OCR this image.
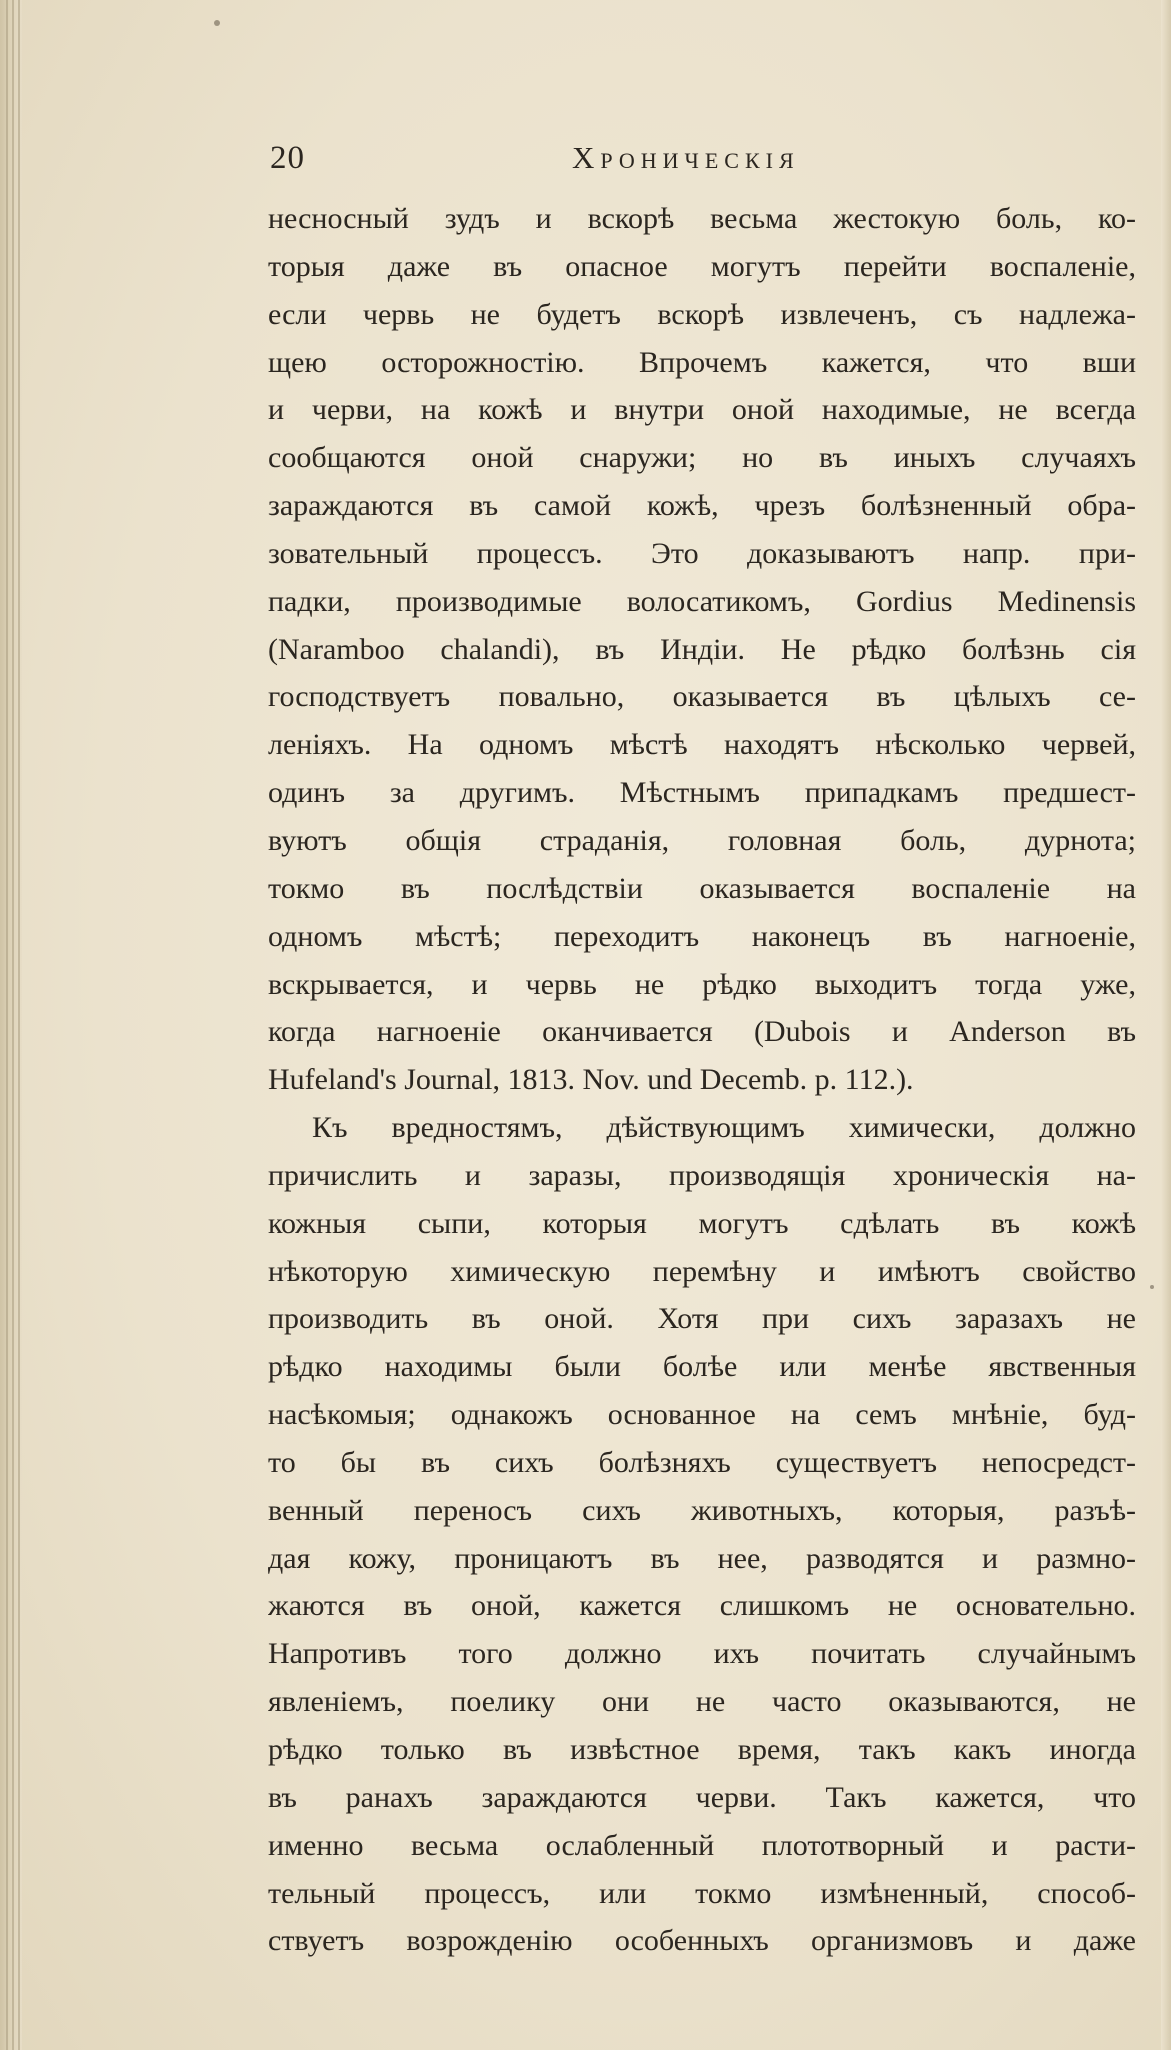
20	Хроническія
несносный зудъ и вскорѣ весьма жестокую боль, ко-
торыя даже въ опасное могутъ перейти воспаленіе,
если червь не будетъ вскорѣ извлеченъ, съ надлежа-
щею осторожностію. Впрочемъ кажется, что вши
и черви, на кожѣ и внутри оной находимые, не всегда
сообщаются оной снаружи; но въ иныхъ случаяхъ
зараждаются въ самой кожѣ, чрезъ болѣзненный обра-
зовательный процессъ. Это доказываютъ напр. при-
падки, производимые волосатикомъ, Gordius Medinensis
(Naramboo chalandi), въ Индіи. Не рѣдко болѣзнь сія
господствуетъ повально, оказывается въ цѣлыхъ се-
леніяхъ. На одномъ мѣстѣ находятъ нѣсколько червей,
одинъ за другимъ. Мѣстнымъ припадкамъ предшест-
вуютъ общія страданія, головная боль, дурнота;
токмо въ послѣдствіи оказывается воспаленіе на
одномъ мѣстѣ; переходитъ наконецъ въ нагноеніе,
вскрывается, и червь не рѣдко выходитъ тогда уже,
когда нагноеніе оканчивается (Dubois и Anderson въ
Hufeland's Journal, 1813. Nov. und Decemb. p. 112.).
Къ вредностямъ, дѣйствующимъ химически, должно
причислить и заразы, производящія хроническія на-
кожныя сыпи, которыя могутъ сдѣлать въ кожѣ
нѣкоторую химическую перемѣну и имѣютъ свойство
производить въ оной. Хотя при сихъ заразахъ не
рѣдко находимы были болѣе или менѣе явственныя
насѣкомыя; однакожъ основанное на семъ мнѣніе, буд-
то бы въ сихъ болѣзняхъ существуетъ непосредст-
венный переносъ сихъ животныхъ, которыя, разъѣ-
дая кожу, проницаютъ въ нее, разводятся и размно-
жаются въ оной, кажется слишкомъ не основательно.
Напротивъ того должно ихъ почитать случайнымъ
явленіемъ, поелику они не часто оказываются, не
рѣдко только въ извѣстное время, такъ какъ иногда
въ ранахъ зараждаются черви. Такъ кажется, что
именно весьма ослабленный плототворный и расти-
тельный процессъ, или токмо измѣненный, способ-
ствуетъ возрожденію особенныхъ организмовъ и даже
